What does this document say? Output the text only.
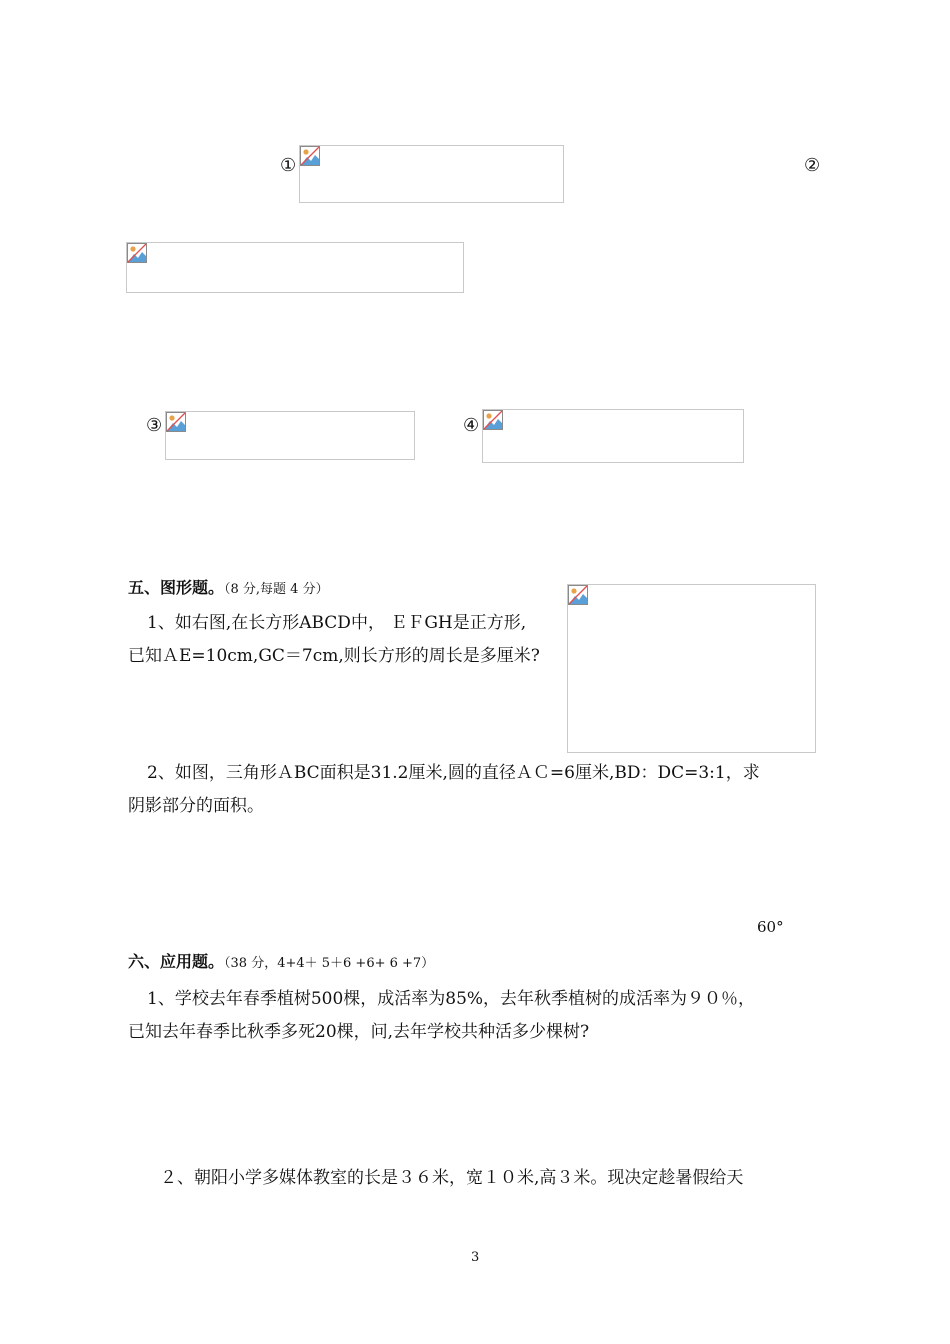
①	②
③	④
五、图形题。（8 分,每题 4 分）
1、如右图,在长方形ABCD中， ＥＦGH是正方形,
已知ＡE=10cm,GC＝7cm,则长方形的周长是多厘米?
2、如图，三角形ＡBC面积是31.2厘米,圆的直径ＡＣ=6厘米,BD：DC=3:1，求
阴影部分的面积。
60°
六、应用题。（38 分，4+4＋ 5＋6 +6+ 6 +7）
1、学校去年春季植树500棵，成活率为85%，去年秋季植树的成活率为９０％，
已知去年春季比秋季多死20棵，问,去年学校共种活多少棵树?
２、朝阳小学多媒体教室的长是３６米，宽１０米,高３米。现决定趁暑假给天
3
